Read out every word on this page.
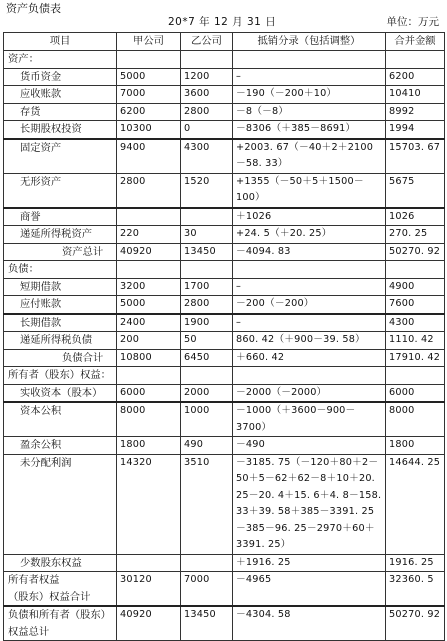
资产负债表
20*7 年 12 月 31 日	单位：万元
项目	甲公司	乙公司	抵销分录（包括调整）	合并金额
资产：				
货币资金	5000	1200	–	6200
应收账款	7000	3600	－190（－200＋10）	10410
存货	6200	2800	－8（－8）	8992
长期股权投资	10300	0	－8306（＋385－8691）	1994
固定资产	9400	4300	+2003. 67（－40＋2＋2100－58. 33）	15703. 67
无形资产	2800	1520	+1355（－50＋5＋1500－100）	5675
商誉			＋1026	1026
递延所得税资产	220	30	+24. 5（＋20. 25）	270. 25
资产总计	40920	13450	－4094. 83	50270. 92
负债：				
短期借款	3200	1700	–	4900
应付账款	5000	2800	－200（－200）	7600
长期借款	2400	1900	–	4300
递延所得税负债	200	50	860. 42（＋900－39. 58）	1110. 42
负债合计	10800	6450	＋660. 42	17910. 42
所有者（股东）权益：				
实收资本（股本）	6000	2000	－2000（－2000）	6000
资本公积	8000	1000	－1000（＋3600－900－3700）	8000
盈余公积	1800	490	－490	1800
未分配利润	14320	3510	－3185. 75（－120＋80＋2－50＋5－62＋62－8＋10＋20. 25－20. 4＋15. 6＋4. 8－158. 33＋39. 58＋385－3391. 25－385－96. 25－2970＋60＋3391. 25）	14644. 25
少数股东权益			＋1916. 25	1916. 25
所有者权益
（股东）权益合计	30120	7000	－4965	32360. 5
负债和所有者（股东）
权益总计	40920	13450	－4304. 58	50270. 92
